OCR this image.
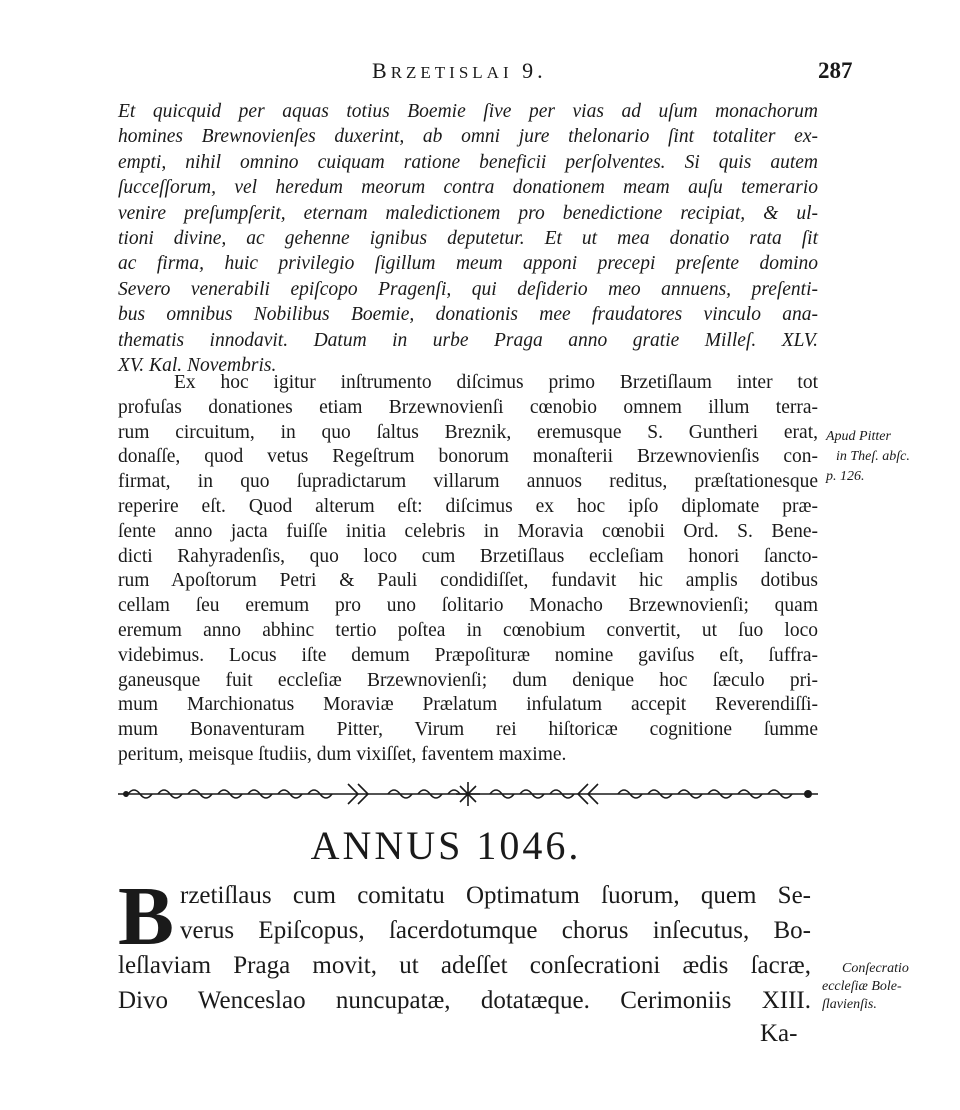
BRZETISLAI 9.	287
Et quicquid per aquas totius Boemie ſive per vias ad uſum monachorum
homines Brewnovienſes duxerint, ab omni jure thelonario ſint totaliter ex-
empti, nihil omnino cuiquam ratione beneficii perſolventes. Si quis autem
ſucceſſorum, vel heredum meorum contra donationem meam auſu temerario
venire preſumpſerit, eternam maledictionem pro benedictione recipiat, & ul-
tioni divine, ac gehenne ignibus deputetur. Et ut mea donatio rata ſit
ac firma, huic privilegio ſigillum meum apponi precepi preſente domino
Severo venerabili epiſcopo Pragenſi, qui deſiderio meo annuens, preſenti-
bus omnibus Nobilibus Boemie, donationis mee fraudatores vinculo ana-
thematis innodavit. Datum in urbe Praga anno gratie Milleſ. XLV.
XV. Kal. Novembris.
Ex hoc igitur inſtrumento diſcimus primo Brzetiſlaum inter tot
profuſas donationes etiam Brzewnovienſi cœnobio omnem illum terra-
rum circuitum, in quo ſaltus Breznik, eremusque S. Guntheri erat,
donaſſe, quod vetus Regeſtrum bonorum monaſterii Brzewnovienſis con-
firmat, in quo ſupradictarum villarum annuos reditus, præſtationesque
reperire eſt. Quod alterum eſt: diſcimus ex hoc ipſo diplomate præ-
ſente anno jacta fuiſſe initia celebris in Moravia cœnobii Ord. S. Bene-
dicti Rahyradenſis, quo loco cum Brzetiſlaus eccleſiam honori ſancto-
rum Apoſtorum Petri & Pauli condidiſſet, fundavit hic amplis dotibus
cellam ſeu eremum pro uno ſolitario Monacho Brzewnovienſi; quam
eremum anno abhinc tertio poſtea in cœnobium convertit, ut ſuo loco
videbimus. Locus iſte demum Præpoſituræ nomine gaviſus eſt, ſuffra-
ganeusque fuit eccleſiæ Brzewnovienſi; dum denique hoc ſæculo pri-
mum Marchionatus Moraviæ Prælatum infulatum accepit Reverendiſſi-
mum Bonaventuram Pitter, Virum rei hiſtoricæ cognitione ſumme
peritum, meisque ſtudiis, dum vixiſſet, faventem maxime.
Apud Pitter
in Theſ. abſc.
p. 126.
ANNUS 1046.
B rzetiſlaus cum comitatu Optimatum ſuorum, quem Se-
verus Epiſcopus, ſacerdotumque chorus inſecutus, Bo-
leſlaviam Praga movit, ut adeſſet conſecrationi ædis ſacræ,
Divo Wenceslao nuncupatæ, dotatæque. Cerimoniis XIII.
Conſecratio
eccleſiæ Bole-
ſlavienſis.
Ka-
